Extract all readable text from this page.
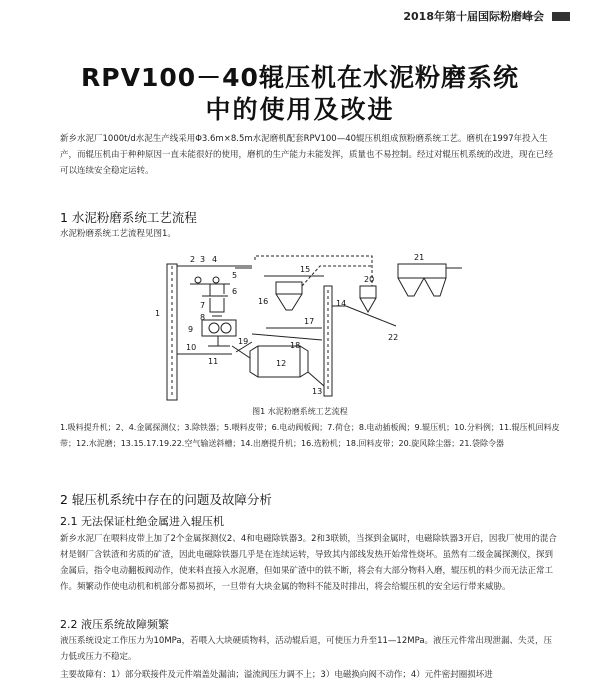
2018年第十届国际粉磨峰会
RPV100－40辊压机在水泥粉磨系统
中的使用及改进
新乡水泥厂1000t/d水泥生产线采用Φ3.6m×8.5m水泥磨机配套RPV100—40辊压机组成预粉磨系统工艺。磨机在1997年投入生产，而辊压机由于种种原因一直未能很好的使用，磨机的生产能力未能发挥，质量也不易控制。经过对辊压机系统的改进，现在已经可以连续安全稳定运转。
1 水泥粉磨系统工艺流程
水泥粉磨系统工艺流程见图1。
1
2 3 4
5
6
7
8
9
10
11	12
13
14
15
16
17
18
19
20
21
22
图1 水泥粉磨系统工艺流程
1.吸料提升机；2、4.金属探测仪；3.除铁器；5.喂料皮带；6.电动阀板阀；7.荷仓；8.电动插板阀；9.辊压机；10.分料例；11.辊压机回料皮带；12.水泥磨；13.15.17.19.22.空气输送斜槽；14.出磨提升机；16.选粉机；18.回料皮带；20.旋风除尘器；21.袋除令器
2 辊压机系统中存在的问题及故障分析
2.1 无法保证杜绝金属进入辊压机
新乡水泥厂在喂料皮带上加了2个金属探测仪2、4和电磁除铁器3。2和3联锁，当探到金属时，电磁除铁器3开启，因我厂使用的混合材是钢厂含铁渣和劣质的矿渣，因此电磁除铁器几乎是在连续运转，导致其内部线发热开始常性烧坏。虽然有二级金属探测仪，探到金属后，指令电动翻板阀动作，使来料直接入水泥磨，但如果矿渣中的铁不断，将会有大部分物料入磨，辊压机的料少而无法正常工作。频繁动作使电动机和机部分都易损坏，一旦带有大块金属的物料不能及时排出，将会给辊压机的安全运行带来威胁。
2.2 液压系统故障频繁
液压系统设定工作压力为10MPa，若喂入大块硬质物料，活动辊后退，可使压力升至11—12MPa。液压元件常出现泄漏、失灵，压力低或压力不稳定。
主要故障有：1）部分联接件及元件端盖处漏油；溢流阀压力调不上；3）电磁换向阀不动作；4）元件密封圈损坏进
